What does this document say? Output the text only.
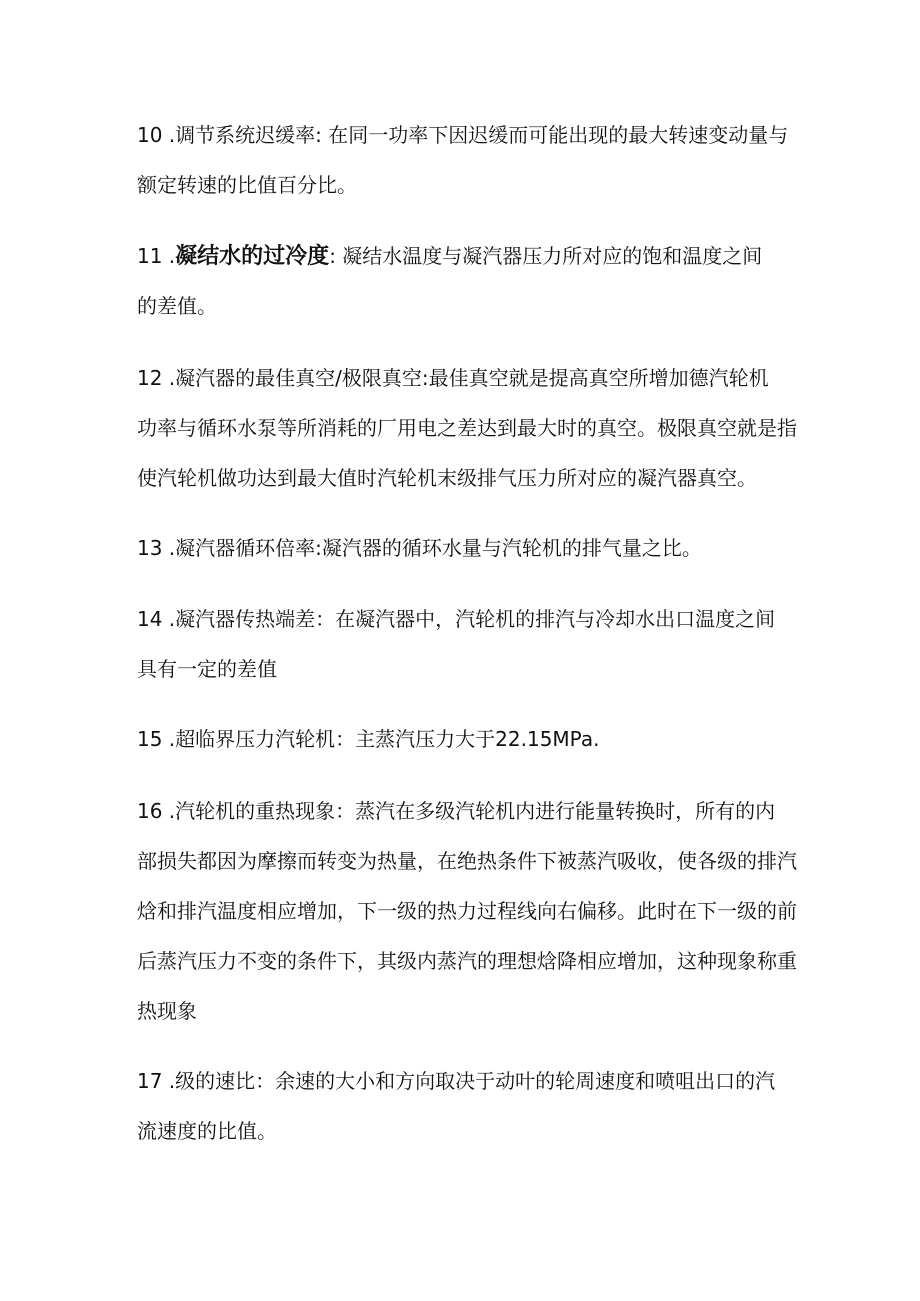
10 .调节系统迟缓率: 在同一功率下因迟缓而可能出现的最大转速变动量与
额定转速的比值百分比。
11 .凝结水的过冷度: 凝结水温度与凝汽器压力所对应的饱和温度之间
的差值。
12 .凝汽器的最佳真空/极限真空:最佳真空就是提高真空所增加德汽轮机
功率与循环水泵等所消耗的厂用电之差达到最大时的真空。极限真空就是指
使汽轮机做功达到最大值时汽轮机末级排气压力所对应的凝汽器真空。
13 .凝汽器循环倍率:凝汽器的循环水量与汽轮机的排气量之比。
14 .凝汽器传热端差：在凝汽器中，汽轮机的排汽与冷却水出口温度之间
具有一定的差值
15 .超临界压力汽轮机：主蒸汽压力大于22.15MPa.
16 .汽轮机的重热现象：蒸汽在多级汽轮机内进行能量转换时，所有的内
部损失都因为摩擦而转变为热量，在绝热条件下被蒸汽吸收，使各级的排汽
焓和排汽温度相应增加，下一级的热力过程线向右偏移。此时在下一级的前
后蒸汽压力不变的条件下，其级内蒸汽的理想焓降相应增加，这种现象称重
热现象
17 .级的速比：余速的大小和方向取决于动叶的轮周速度和喷咀出口的汽
流速度的比值。
